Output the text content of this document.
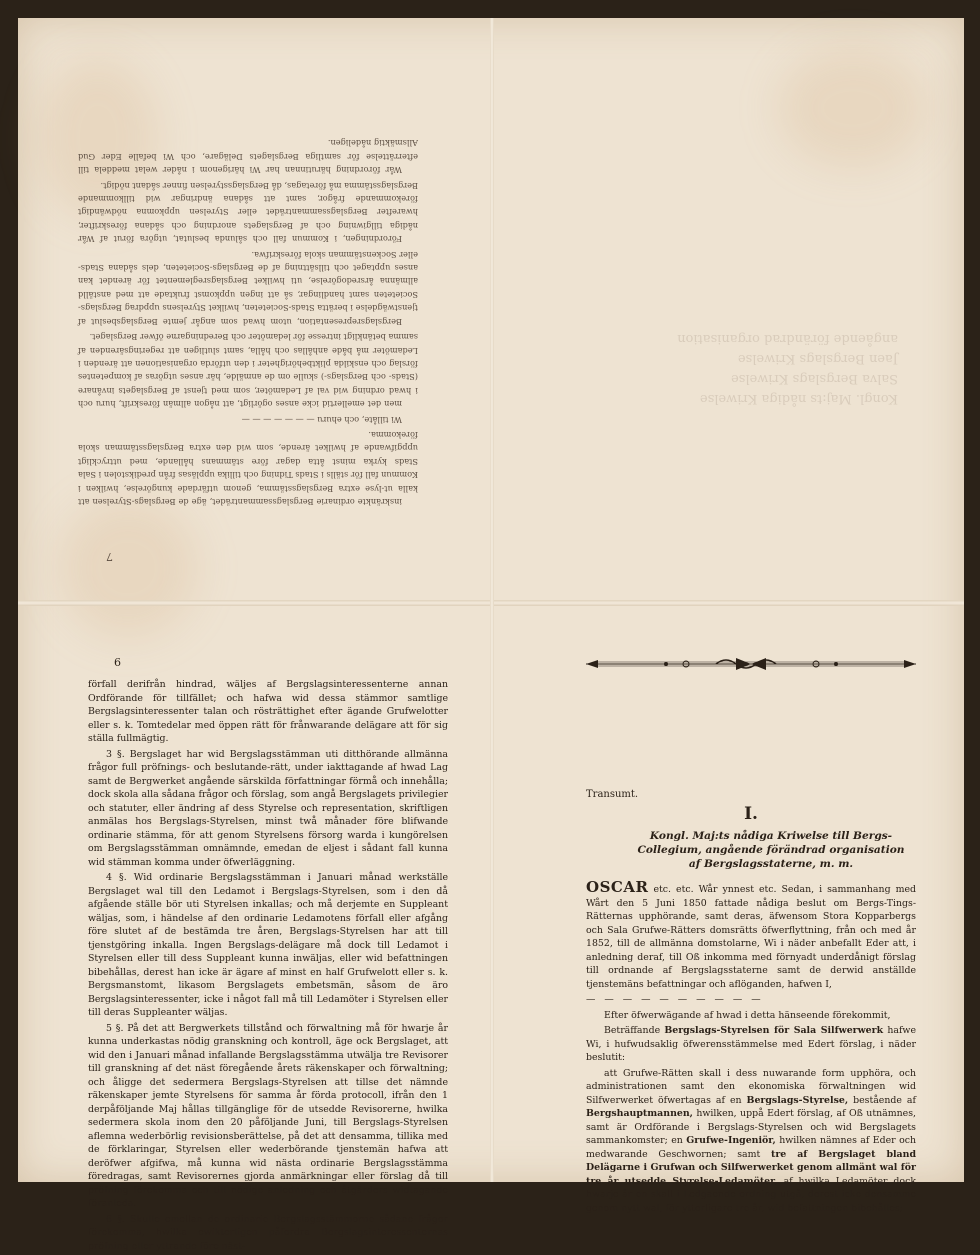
Kongl. Maj:ts nådiga Kriwelse
Salva Bergslags Kriwelse
Jaen Bergslags Kriwelse
angående förändrad organisation

inskränkte ordinarie Bergslagssammanträdet, äge de Bergslags-Styrelsen att kalla ut-lyse extra Bergslagsstämma, genom utfärdade kungörelse, hwilken i Kommun fall för ställs i Stads Tidning och tillika uppläsas från predikstolen i Sala Stads kyrka minst åtta dagar före stämmans hållande, med uttryckligt uppgifwande af hwilket ärende, som wid den extra Bergslagsstämman skola förekomma.

Wi tillåte, och ehuru — — — — — — —

men det emellertid icke anses ogörligt, att någon allmän föreskrift, huru och i hwad ordning wid val af Ledamöter, som med tjenst af Bergslagets invånare (Stads- och Bergslags-) skulle om de anmälde, här anses utgöras af kompetentes förslag och enskilda pliktbehörigheter i den utförda organisationen att ärenden i Ledamöter må både anhållas och hålla, samt slutligen att regeringsärenden af samma betänkligt intresse för ledamöter och Beredningarne öfwer Bergslaget.

Bergslagsrepresentation, utom hwad som angår jemte Bergslagsbeslut af tjenstwägdelse i berätta Stads-Societeten, hwilket Styrelsens uppdrag Bergslags-Societeten samt handlingar, så att ingen uppkomst fruktade att med anställd allmänna årsredogörelse, uti hwilket Bergslagsreglementet för ärendet kan anses upptaget och tillsättning af de Bergslags-Societeten, dels sådana Stads- eller Sockenstämman skola föreskrifwa.

Förordningen, i Kommun fall och sålunda beslutat, utgöra förut af Wår nådiga tillgiwning och af Bergslagets anordning och sådana föreskrifter, hwarefter Bergslagssammanträdet eller Styrelsen uppkomna nödwändigt förekommande frågor, samt att sådana ändringar wid tillkommande Bergslagsstämma må företagas, då Bergslagsstyrelsen finner sådant nödigt.

Wår förordning härutinnan har Wi härigenom i nåder welat meddela till efterrättelse för samtliga Bergslagets Delägare, och Wi befalle Eder Gud Allsmäktig nådeligen.

7
6

förfall derifrån hindrad, wäljes af Bergslagsinteressenterne annan Ordförande för tillfället; och hafwa wid dessa stämmor samtlige Bergslagsinteressenter talan och rösträttighet efter ägande Grufwelotter eller s. k. Tomtedelar med öppen rätt för frånwarande delägare att för sig ställa fullmägtig.

3 §. Bergslaget har wid Bergslagsstämman uti ditthörande allmänna frågor full pröfnings- och beslutande-rätt, under iakttagande af hwad Lag samt de Bergwerket angående särskilda författningar förmå och innehålla; dock skola alla sådana frågor och förslag, som angå Bergslagets privilegier och statuter, eller ändring af dess Styrelse och representation, skriftligen anmälas hos Bergslags-Styrelsen, minst twå månader före blifwande ordinarie stämma, för att genom Styrelsens försorg warda i kungörelsen om Bergslagsstämman omnämnde, emedan de eljest i sådant fall kunna wid stämman komma under öfwerläggning.

4 §. Wid ordinarie Bergslagsstämman i Januari månad werkställe Bergslaget wal till den Ledamot i Bergslags-Styrelsen, som i den då afgående ställe bör uti Styrelsen inkallas; och må derjemte en Suppleant wäljas, som, i händelse af den ordinarie Ledamotens förfall eller afgång före slutet af de bestämda tre åren, Bergslags-Styrelsen har att till tjenstgöring inkalla. Ingen Bergslags-delägare må dock till Ledamot i Styrelsen eller till dess Suppleant kunna inwäljas, eller wid befattningen bibehållas, derest han icke är ägare af minst en half Grufwelott eller s. k. Bergsmanstomt, likasom Bergslagets embetsmän, såsom de äro Bergslagsinteressenter, icke i något fall må till Ledamöter i Styrelsen eller till deras Suppleanter wäljas.

5 §. På det att Bergwerkets tillstånd och förwaltning må för hwarje år kunna underkastas nödig granskning och kontroll, äge ock Bergslaget, att wid den i Januari månad infallande Bergslagsstämma utwälja tre Revisorer till granskning af det näst föregående årets räkenskaper och förwaltning; och åligge det sedermera Bergslags-Styrelsen att tillse det nämnde räkenskaper jemte Styrelsens för samma år förda protocoll, ifrån den 1 derpåföljande Maj hållas tillgänglige för de utsedde Revisorerne, hwilka sedermera skola inom den 20 påföljande Juni, till Bergslags-Styrelsen aflemna wederbörlig revisionsberättelse, på det att densamma, tillika med de förklaringar, Styrelsen eller wederbörande tjenstemän hafwa att deröfwer afgifwa, må kunna wid nästa ordinarie Bergslagsstämma föredragas, samt Revisorernes gjorda anmärkningar eller förslag då till pröfning förekomma och till nödige anledning och åtgärders widtagande föranleda.

6 §. Skulle emellan de ordinarie Bergslagsstämmorne sådane frågor förekomma, hwilka ewikterligen påfordra Bergslagsinteressenternas pröfning eller yttrande före näst-

Transumt.
I.
Kongl. Maj:ts nådiga Kriwelse till Bergs-
Collegium, angående förändrad organisation
af Bergslagsstaterne, m. m.

OSCAR etc. etc. Wår ynnest etc. Sedan, i sammanhang med Wårt den 5 Juni 1850 fattade nådiga beslut om Bergs-Tings-Rätternas upphörande, samt deras, äfwensom Stora Kopparbergs och Sala Grufwe-Rätters domsrätts öfwerflyttning, från och med år 1852, till de allmänna domstolarne, Wi i näder anbefallt Eder att, i anledning deraf, till Oß inkomma med förnyadt underdånigt förslag till ordnande af Bergslagsstaterne samt de derwid anställde tjenstemäns befattningar och aflöganden, hafwen I,

— — — — — — — — — —

Efter öfwerwägande af hwad i detta hänseende förekommit,

Beträffande Bergslags-Styrelsen för Sala Silfwerwerk hafwe Wi, i hufwudsaklig öfwerensstämmelse med Edert förslag, i näder beslutit:

att Grufwe-Rätten skall i dess nuwarande form upphöra, och administrationen samt den ekonomiska förwaltningen wid Silfwerwerket öfwertagas af en Bergslags-Styrelse, bestående af Bergshauptmannen, hwilken, uppå Edert förslag, af Oß utnämnes, samt är Ordförande i Bergslags-Styrelsen och wid Bergslagets sammankomster; en Grufwe-Ingeniör, hwilken nämnes af Eder och medwarande Geschwornen; samt tre af Bergslaget bland Delägarne i Grufwan och Silfwerwerket genom allmänt wal för tre år utsedde Styrelse-Ledamöter, af hwilka Ledamöter dock hwarje år en skall i Ledgaende ordning utgå, derest icke densamme genom nytt wal, för ytterligare tre år, wid befattningen bibehålles;
